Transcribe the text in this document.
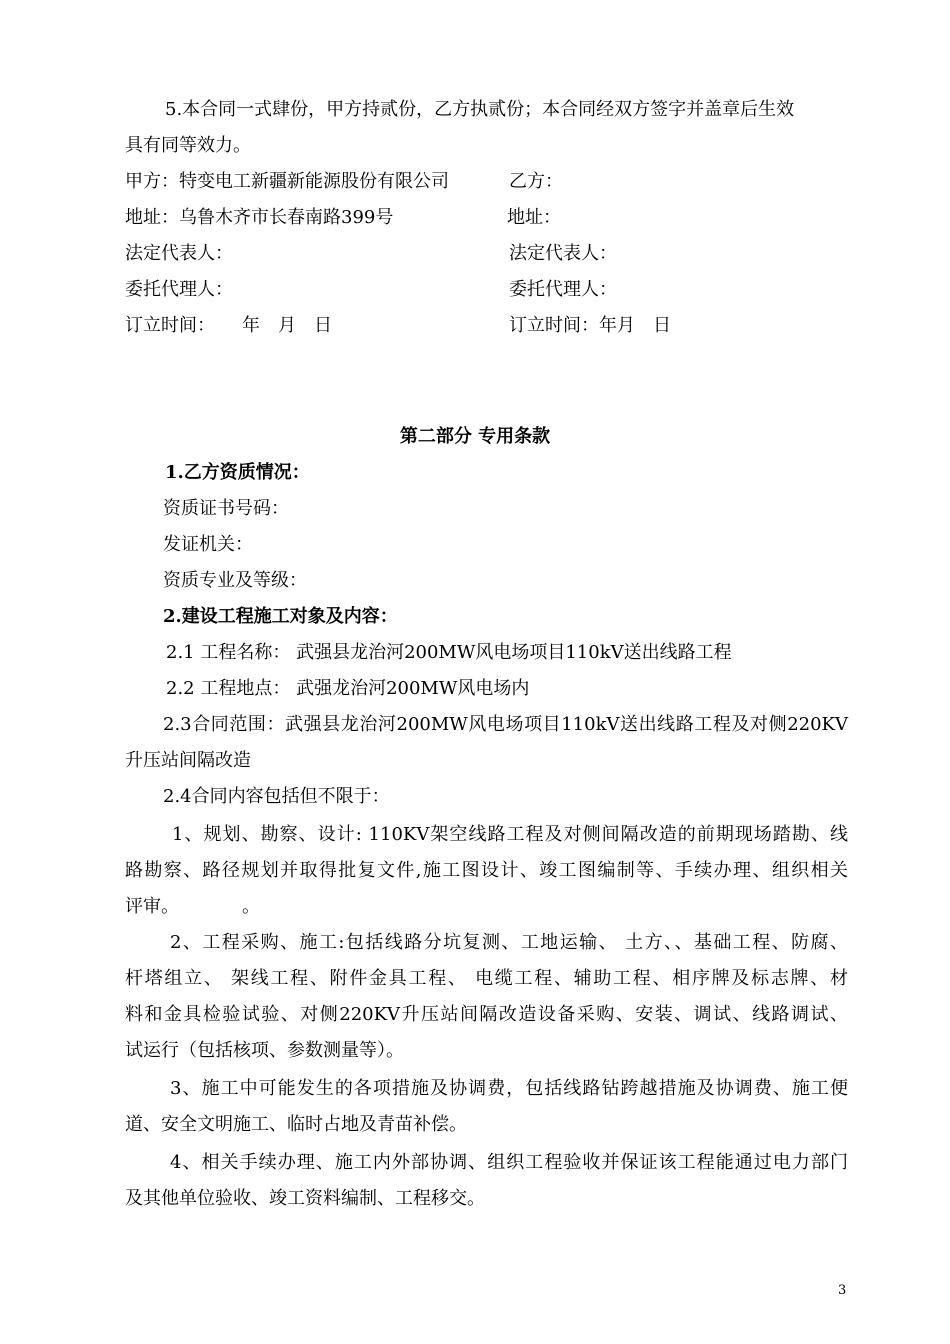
5.本合同一式肆份，甲方持贰份，乙方执贰份；本合同经双方签字并盖章后生效
具有同等效力。
甲方：特变电工新疆新能源股份有限公司
地址：乌鲁木齐市长春南路399号
法定代表人：
委托代理人：
订立时间：　　年　月　日
乙方：
地址：
法定代表人：
委托代理人：
订立时间：年月　日
第二部分 专用条款
1.乙方资质情况：
资质证书号码：
发证机关：
资质专业及等级：
2.建设工程施工对象及内容：
2.1 工程名称： 武强县龙治河200MW风电场项目110kV送出线路工程
2.2 工程地点： 武强龙治河200MW风电场内
2.3合同范围：武强县龙治河200MW风电场项目110kV送出线路工程及对侧220KV
升压站间隔改造
2.4合同内容包括但不限于：
1、规划、勘察、设计: 110KV架空线路工程及对侧间隔改造的前期现场踏勘、线
路勘察、路径规划并取得批复文件,施工图设计、竣工图编制等、手续办理、组织相关
评审。　　　　。
2、工程采购、施工:包括线路分坑复测、工地运输、 土方、、基础工程、防腐、
杆塔组立、 架线工程、附件金具工程、 电缆工程、辅助工程、相序牌及标志牌、材
料和金具检验试验、对侧220KV升压站间隔改造设备采购、安装、调试、线路调试、
试运行（包括核项、参数测量等）。
3、施工中可能发生的各项措施及协调费，包括线路钻跨越措施及协调费、施工便
道、安全文明施工、临时占地及青苗补偿。
4、相关手续办理、施工内外部协调、组织工程验收并保证该工程能通过电力部门
及其他单位验收、竣工资料编制、工程移交。
3
